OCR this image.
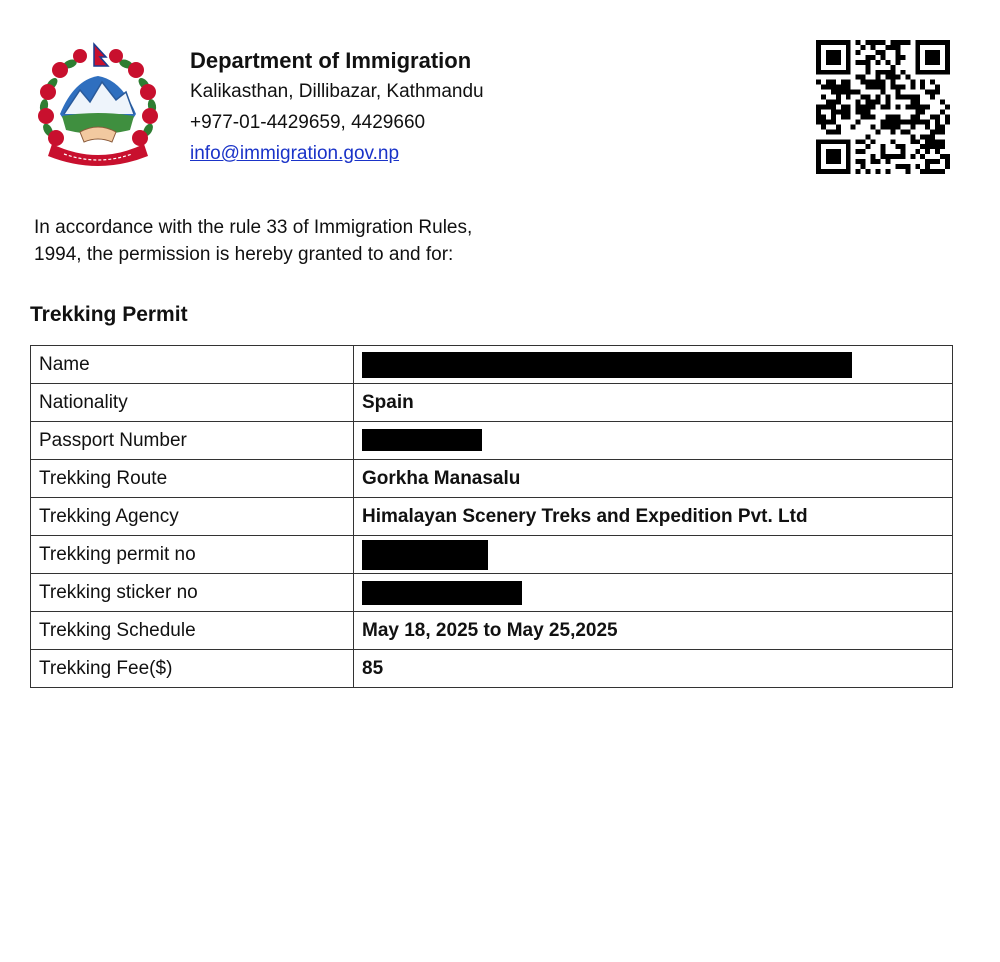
Department of Immigration

Kalikasthan, Dillibazar, Kathmandu

+977-01-4429659, 4429660

info@immigration.gov.np

In accordance with the rule 33 of Immigration Rules,
1994, the permission is hereby granted to and for:
Trekking Permit
Name	
Nationality	Spain
Passport Number	
Trekking Route	Gorkha Manasalu
Trekking Agency	Himalayan Scenery Treks and Expedition Pvt. Ltd
Trekking permit no	
Trekking sticker no	
Trekking Schedule	May 18, 2025 to May 25,2025
Trekking Fee($)	85
